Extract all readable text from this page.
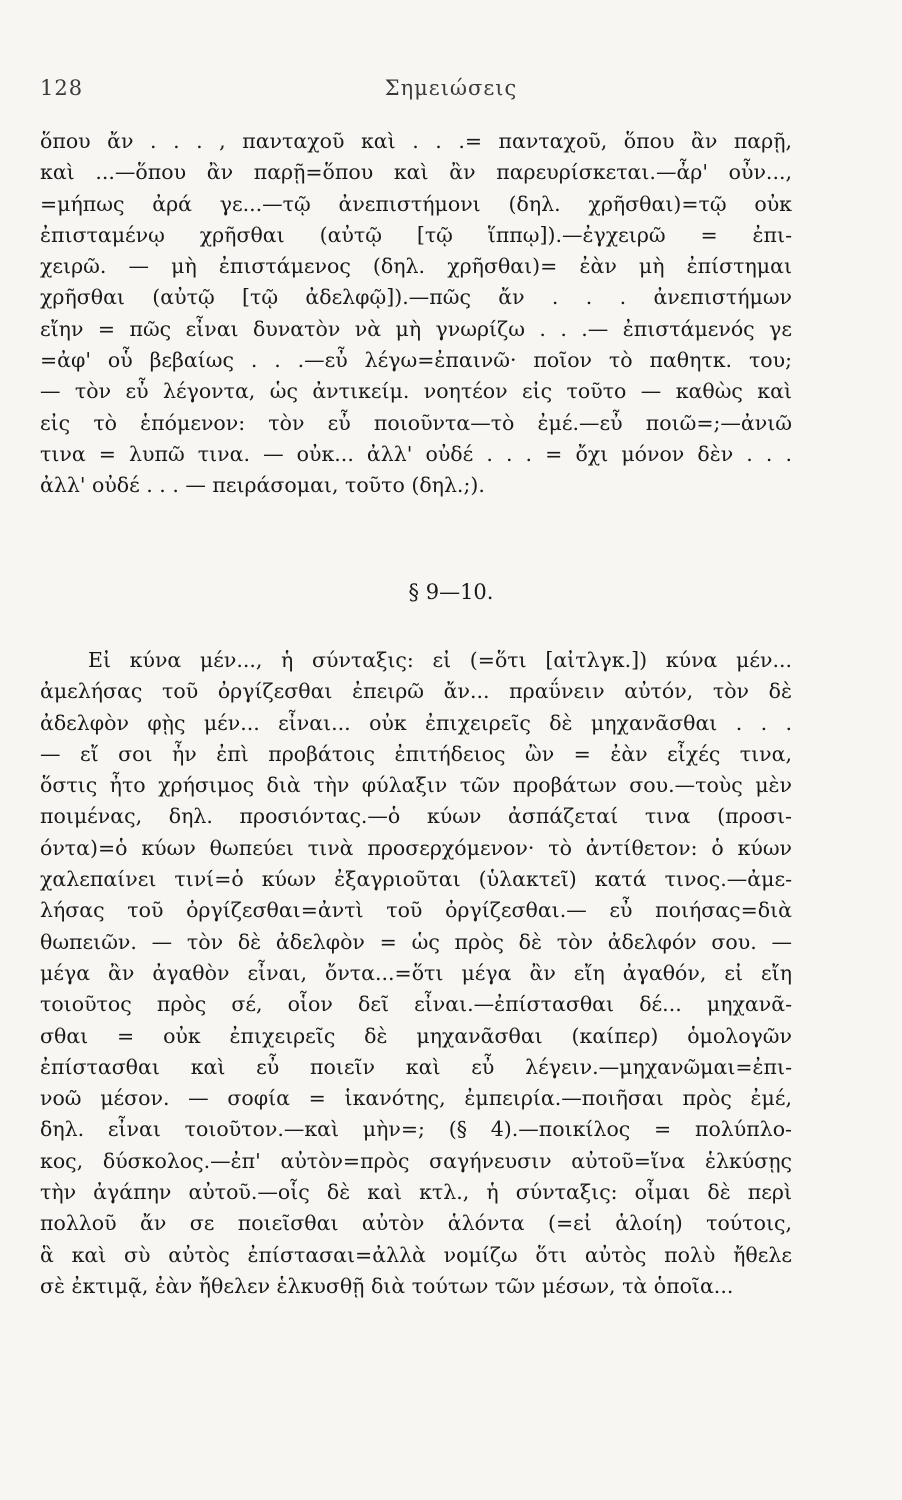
128	Σημειώσεις
ὅπου ἄν . . . , πανταχοῦ καὶ . . .= πανταχοῦ, ὅπου ἂν παρῇ,
καὶ ...—ὅπου ἂν παρῇ=ὅπου καὶ ἂν παρευρίσκεται.—ἆρ' οὖν...,
=μήπως ἀρά γε...—τῷ ἀνεπιστήμονι (δηλ. χρῆσθαι)=τῷ οὐκ
ἐπισταμένῳ χρῆσθαι (αὐτῷ [τῷ ἵππῳ]).—ἐγχειρῶ = ἐπι-
χειρῶ. — μὴ ἐπιστάμενος (δηλ. χρῆσθαι)= ἐὰν μὴ ἐπίστημαι
χρῆσθαι (αὐτῷ [τῷ ἀδελφῷ]).—πῶς ἄν . . . ἀνεπιστήμων
εἴην = πῶς εἶναι δυνατὸν νὰ μὴ γνωρίζω . . .— ἐπιστάμενός γε
=ἀφ' οὗ βεβαίως . . .—εὖ λέγω=ἐπαινῶ· ποῖον τὸ παθητκ. του;
— τὸν εὖ λέγοντα, ὡς ἀντικείμ. νοητέον εἰς τοῦτο — καθὼς καὶ
εἰς τὸ ἑπόμενον: τὸν εὖ ποιοῦντα—τὸ ἐμέ.—εὖ ποιῶ=;—ἀνιῶ
τινα = λυπῶ τινα. — οὐκ... ἀλλ' οὐδέ . . . = ὄχι μόνον δὲν . . .
ἀλλ' οὐδέ . . . — πειράσομαι, τοῦτο (δηλ.;).
§ 9—10.
Εἰ κύνα μέν..., ἡ σύνταξις: εἰ (=ὅτι [αἰτλγκ.]) κύνα μέν...
ἀμελήσας τοῦ ὀργίζεσθαι ἐπειρῶ ἄν... πραΰνειν αὐτόν, τὸν δὲ
ἀδελφὸν φῂς μέν... εἶναι... οὐκ ἐπιχειρεῖς δὲ μηχανᾶσθαι . . .
— εἴ σοι ἦν ἐπὶ προβάτοις ἐπιτήδειος ὢν = ἐὰν εἶχές τινα,
ὅστις ἦτο χρήσιμος διὰ τὴν φύλαξιν τῶν προβάτων σου.—τοὺς μὲν
ποιμένας, δηλ. προσιόντας.—ὁ κύων ἀσπάζεταί τινα (προσι-
όντα)=ὁ κύων θωπεύει τινὰ προσερχόμενον· τὸ ἀντίθετον: ὁ κύων
χαλεπαίνει τινί=ὁ κύων ἐξαγριοῦται (ὑλακτεῖ) κατά τινος.—ἀμε-
λήσας τοῦ ὀργίζεσθαι=ἀντὶ τοῦ ὀργίζεσθαι.— εὖ ποιήσας=διὰ
θωπειῶν. — τὸν δὲ ἀδελφὸν = ὡς πρὸς δὲ τὸν ἀδελφόν σου. —
μέγα ἂν ἀγαθὸν εἶναι, ὄντα...=ὅτι μέγα ἂν εἴη ἀγαθόν, εἰ εἴη
τοιοῦτος πρὸς σέ, οἷον δεῖ εἶναι.—ἐπίστασθαι δέ... μηχανᾶ-
σθαι = οὐκ ἐπιχειρεῖς δὲ μηχανᾶσθαι (καίπερ) ὁμολογῶν
ἐπίστασθαι καὶ εὖ ποιεῖν καὶ εὖ λέγειν.—μηχανῶμαι=ἐπι-
νοῶ μέσον. — σοφία = ἱκανότης, ἐμπειρία.—ποιῆσαι πρὸς ἐμέ,
δηλ. εἶναι τοιοῦτον.—καὶ μὴν=; (§ 4).—ποικίλος = πολύπλο-
κος, δύσκολος.—ἐπ' αὐτὸν=πρὸς σαγήνευσιν αὐτοῦ=ἵνα ἑλκύσῃς
τὴν ἀγάπην αὐτοῦ.—οἷς δὲ καὶ κτλ., ἡ σύνταξις: οἶμαι δὲ περὶ
πολλοῦ ἄν σε ποιεῖσθαι αὐτὸν ἁλόντα (=εἰ ἁλοίη) τούτοις,
ἃ καὶ σὺ αὐτὸς ἐπίστασαι=ἀλλὰ νομίζω ὅτι αὐτὸς πολὺ ἤθελε
σὲ ἐκτιμᾷ, ἐὰν ἤθελεν ἑλκυσθῇ διὰ τούτων τῶν μέσων, τὰ ὁποῖα...
